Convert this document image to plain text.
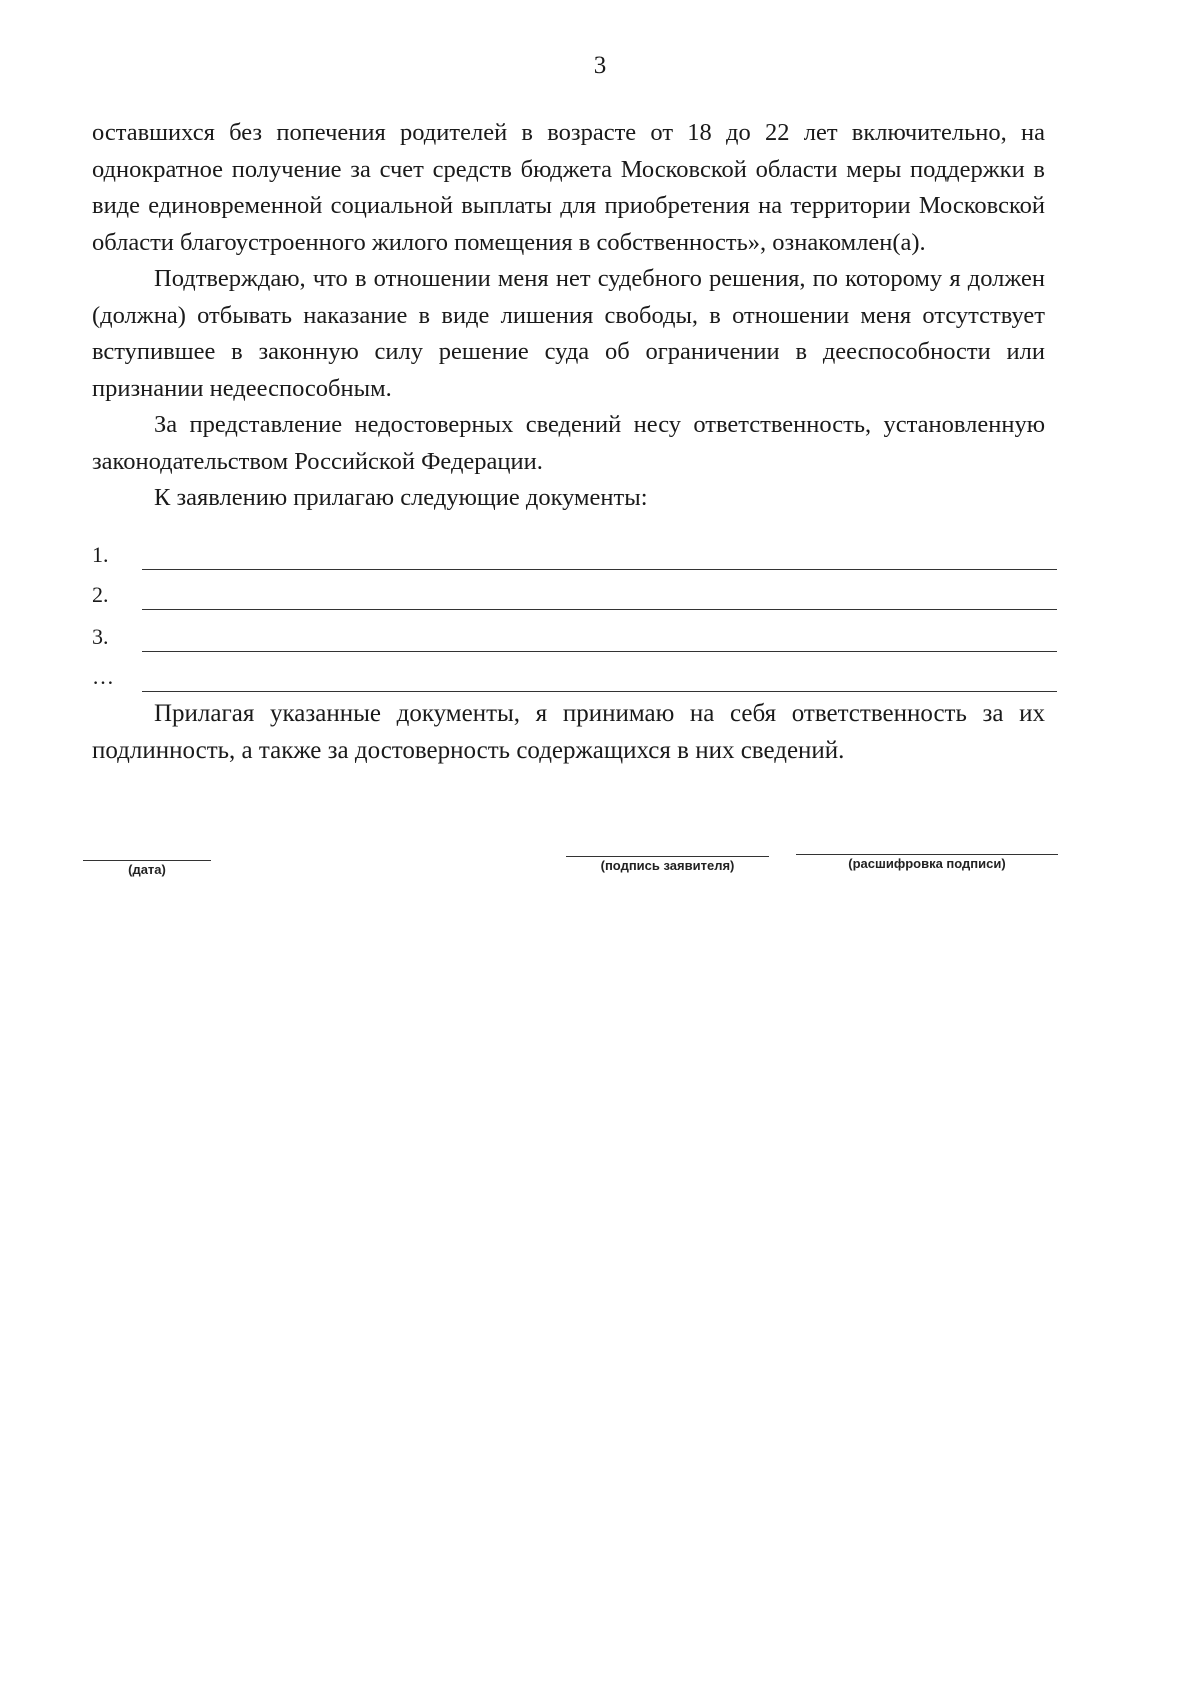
3

оставшихся без попечения родителей в возрасте от 18 до 22 лет включительно, на однократное получение за счет средств бюджета Московской области меры поддержки в виде единовременной социальной выплаты для приобретения на территории Московской области благоустроенного жилого помещения в собственность», ознакомлен(а).

Подтверждаю, что в отношении меня нет судебного решения, по которому я должен (должна) отбывать наказание в виде лишения свободы, в отношении меня отсутствует вступившее в законную силу решение суда об ограничении в дееспособности или признании недееспособным.

За представление недостоверных сведений несу ответственность, установленную законодательством Российской Федерации.

К заявлению прилагаю следующие документы:

1.
2.
3.
…

Прилагая указанные документы, я принимаю на себя ответственность за их подлинность, а также за достоверность содержащихся в них сведений.

(дата)	(подпись заявителя)	(расшифровка подписи)
